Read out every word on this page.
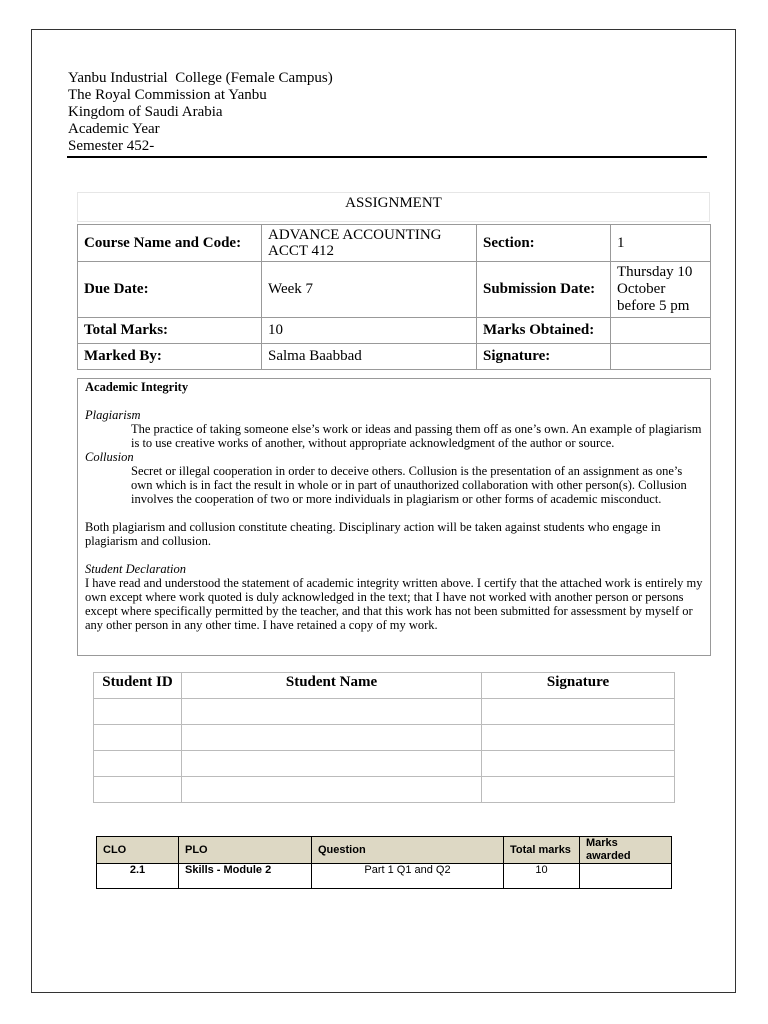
Yanbu Industrial  College (Female Campus)
The Royal Commission at Yanbu
Kingdom of Saudi Arabia
Academic Year
Semester 452-
ASSIGNMENT
Course Name and Code:	ADVANCE ACCOUNTING ACCT 412	Section:	1
Due Date:	Week 7	Submission Date:	Thursday 10 October before 5 pm
Total Marks:	10	Marks Obtained:	
Marked By:	Salma Baabbad	Signature:	
Academic Integrity
Plagiarism
The practice of taking someone else’s work or ideas and passing them off as one’s own. An example of plagiarism is to use creative works of another, without appropriate acknowledgment of the author or source.
Collusion
Secret or illegal cooperation in order to deceive others. Collusion is the presentation of an assignment as one’s own which is in fact the result in whole or in part of unauthorized collaboration with other person(s). Collusion involves the cooperation of two or more individuals in plagiarism or other forms of academic misconduct.
Both plagiarism and collusion constitute cheating. Disciplinary action will be taken against students who engage in plagiarism and collusion.
Student Declaration
I have read and understood the statement of academic integrity written above. I certify that the attached work is entirely my own except where work quoted is duly acknowledged in the text; that I have not worked with another person or persons except where specifically permitted by the teacher, and that this work has not been submitted for assessment by myself or any other person in any other time. I have retained a copy of my work.
Student ID	Student Name	Signature

CLO	PLO	Question	Total marks	Marks awarded
2.1	Skills - Module 2	Part 1 Q1 and Q2	10	
